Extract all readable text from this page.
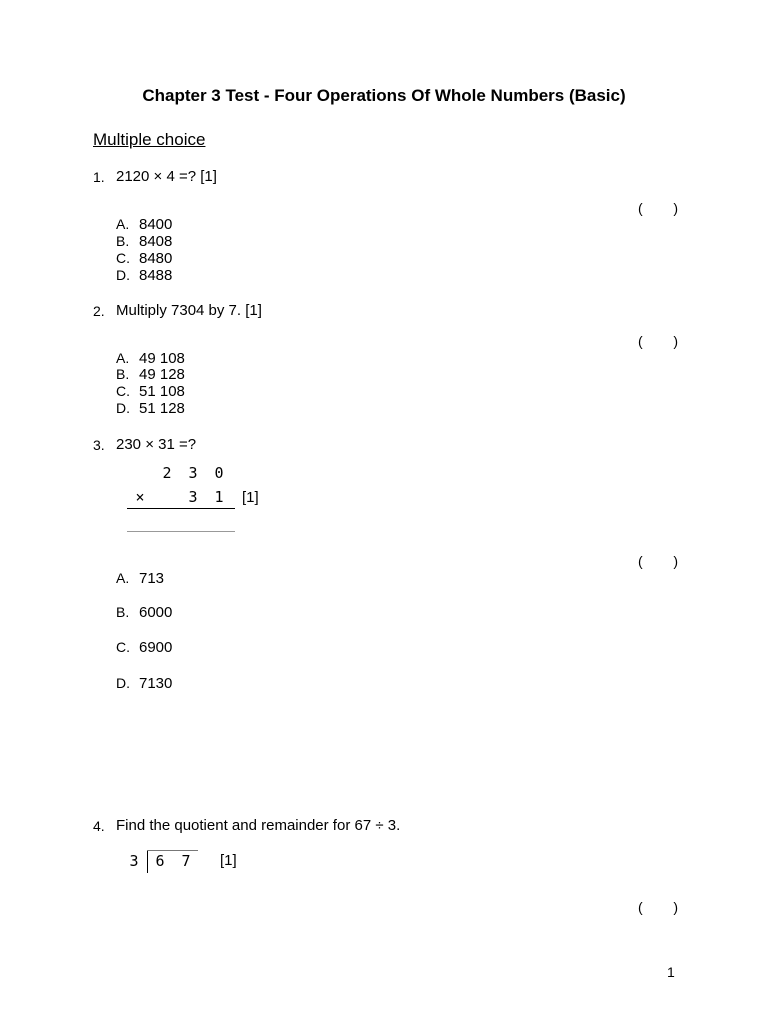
Chapter 3 Test - Four Operations Of Whole Numbers (Basic)
Multiple choice
1. 2120 × 4 =? [1]
( )
A. 8400
B. 8408
C. 8480
D. 8488
2. Multiply 7304 by 7. [1]
( )
A. 49 108
B. 49 128
C. 51 108
D. 51 128
3. 230 × 31 =?
2	3	0
×	3	1	[1]
( )
A. 713
B. 6000
C. 6900
D. 7130
4. Find the quotient and remainder for 67 ÷ 3.
3	6	7	[1]
( )
1
